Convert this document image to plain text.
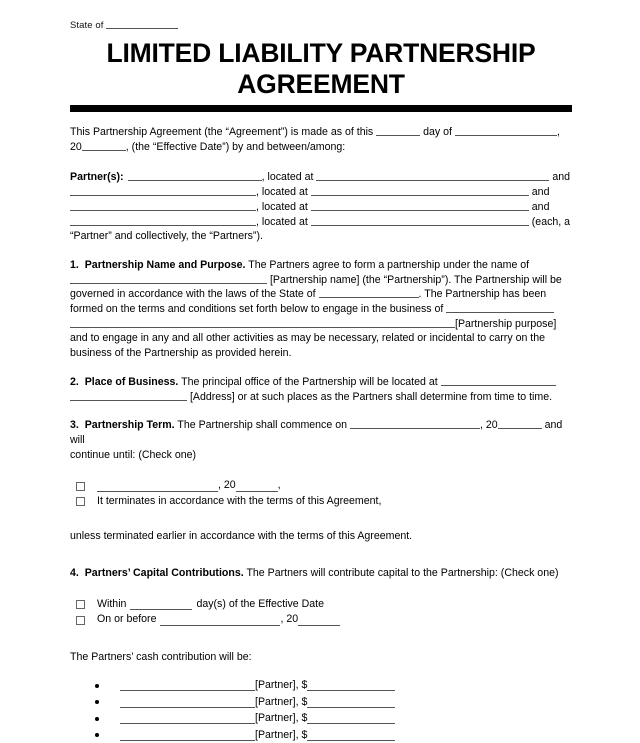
State of
LIMITED LIABILITY PARTNERSHIP
AGREEMENT
This Partnership Agreement (the “Agreement”) is made as of this	day of	,
20	, (the “Effective Date”) by and between/among:
Partner(s):	, located at	and
, located at	and
, located at	and
, located at	(each, a
“Partner” and collectively, the “Partners”).
1. Partnership Name and Purpose. The Partners agree to form a partnership under the name of
[Partnership name] (the “Partnership”). The Partnership will be
governed in accordance with the laws of the State of	. The Partnership has been
formed on the terms and conditions set forth below to engage in the business of
[Partnership purpose]
and to engage in any and all other activities as may be necessary, related or incidental to carry on the
business of the Partnership as provided herein.
2. Place of Business. The principal office of the Partnership will be located at
[Address] or at such places as the Partners shall determine from time to time.
3. Partnership Term. The Partnership shall commence on	, 20	and will
continue until: (Check one)
, 20	,
It terminates in accordance with the terms of this Agreement,
unless terminated earlier in accordance with the terms of this Agreement.
4. Partners’ Capital Contributions. The Partners will contribute capital to the Partnership: (Check one)
Within	day(s) of the Effective Date
On or before	, 20
The Partners’ cash contribution will be:
[Partner], $
[Partner], $
[Partner], $
[Partner], $
